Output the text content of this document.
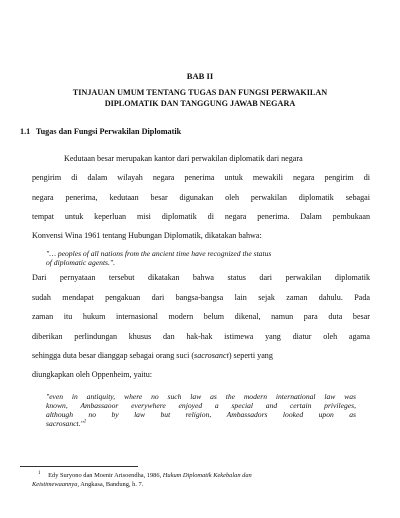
BAB II
TINJAUAN UMUM TENTANG TUGAS DAN FUNGSI PERWAKILAN
DIPLOMATIK DAN TANGGUNG JAWAB NEGARA
1.1 Tugas dan Fungsi Perwakilan Diplomatik
Kedutaan besar merupakan kantor dari perwakilan diplomatik dari negara
pengirim di dalam wilayah negara penerima untuk mewakili negara pengirim di
negara penerima, kedutaan besar digunakan oleh perwakilan diplomatik sebagai
tempat untuk keperluan misi diplomatik di negara penerima. Dalam pembukaan
Konvensi Wina 1961 tentang Hubungan Diplomatik, dikatakan bahwa:
"… peoples of all nations from the ancient time have recognized the status
of diplomatic agents.".
Dari pernyataan tersebut dikatakan bahwa status dari perwakilan diplomatik
sudah mendapat pengakuan dari bangsa-bangsa lain sejak zaman dahulu. Pada
zaman itu hukum internasional modern belum dikenal, namun para duta besar
diberikan perlindungan khusus dan hak-hak istimewa yang diatur oleh agama
sehingga duta besar dianggap sebagai orang suci (sacrosanct) seperti yang
diungkapkan oleh Oppenheim, yaitu:
"even in antiquity, where no such law as the modern international law was
known, Ambassaoor everywhere enjoyed a special and certain privileges,
although no by law but religion, Ambassadors looked upon as
sacrosanct."$^1$
$^1$ Edy Suryono dan Moenir Arisoendha, 1986, Hukum Diplomatik Kekebalan dan
Keistimewaannya, Angkasa, Bandung, h. 7.
